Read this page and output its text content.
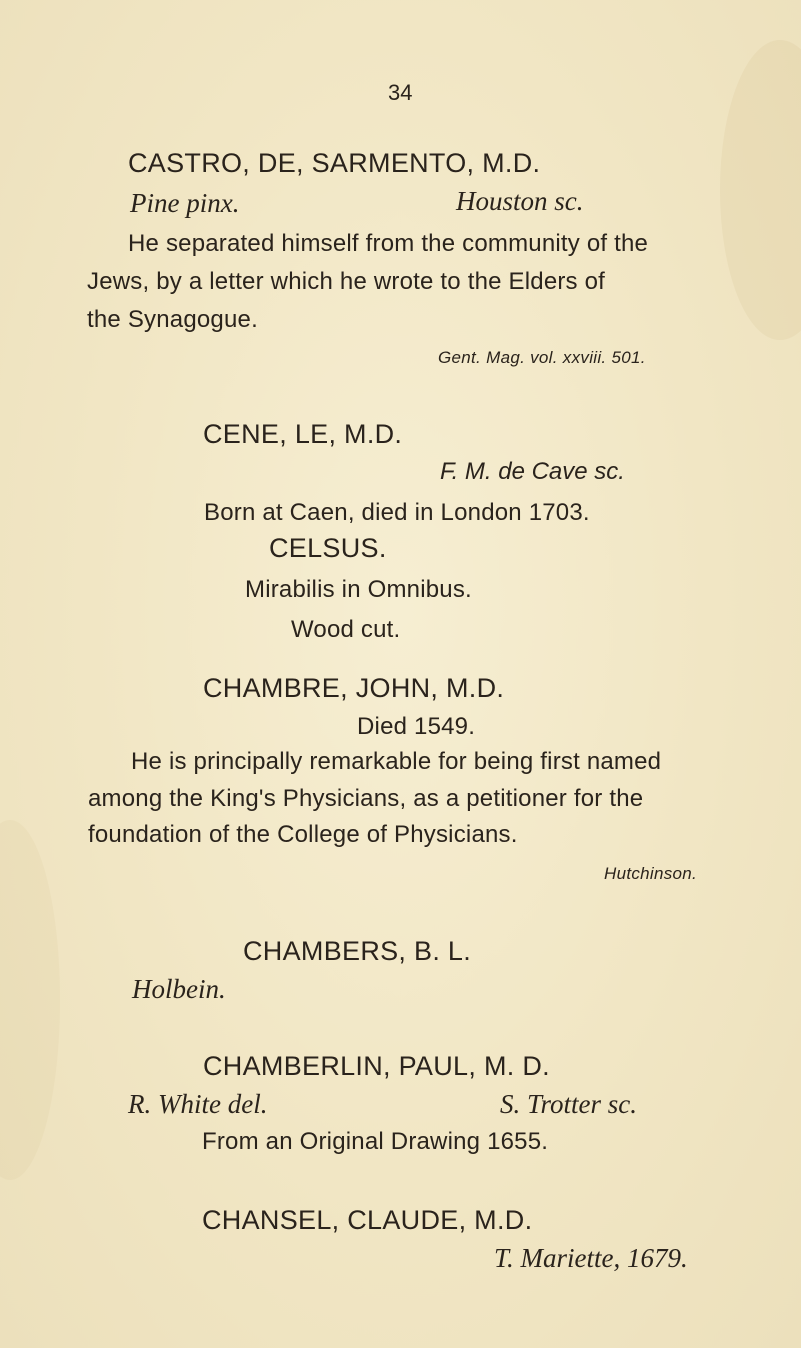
34
CASTRO, DE, SARMENTO, M.D.
Pine pinx.	Houston sc.
He separated himself from the community of the
Jews, by a letter which he wrote to the Elders of
the Synagogue.
Gent. Mag. vol. xxviii. 501.
CENE, LE, M.D.
F. M. de Cave sc.
Born at Caen, died in London 1703.
CELSUS.
Mirabilis in Omnibus.
Wood cut.
CHAMBRE, JOHN, M.D.
Died 1549.
He is principally remarkable for being first named
among the King's Physicians, as a petitioner for the
foundation of the College of Physicians.
Hutchinson.
CHAMBERS, B. L.
Holbein.
CHAMBERLIN, PAUL, M. D.
R. White del.	S. Trotter sc.
From an Original Drawing 1655.
CHANSEL, CLAUDE, M.D.
T. Mariette, 1679.
